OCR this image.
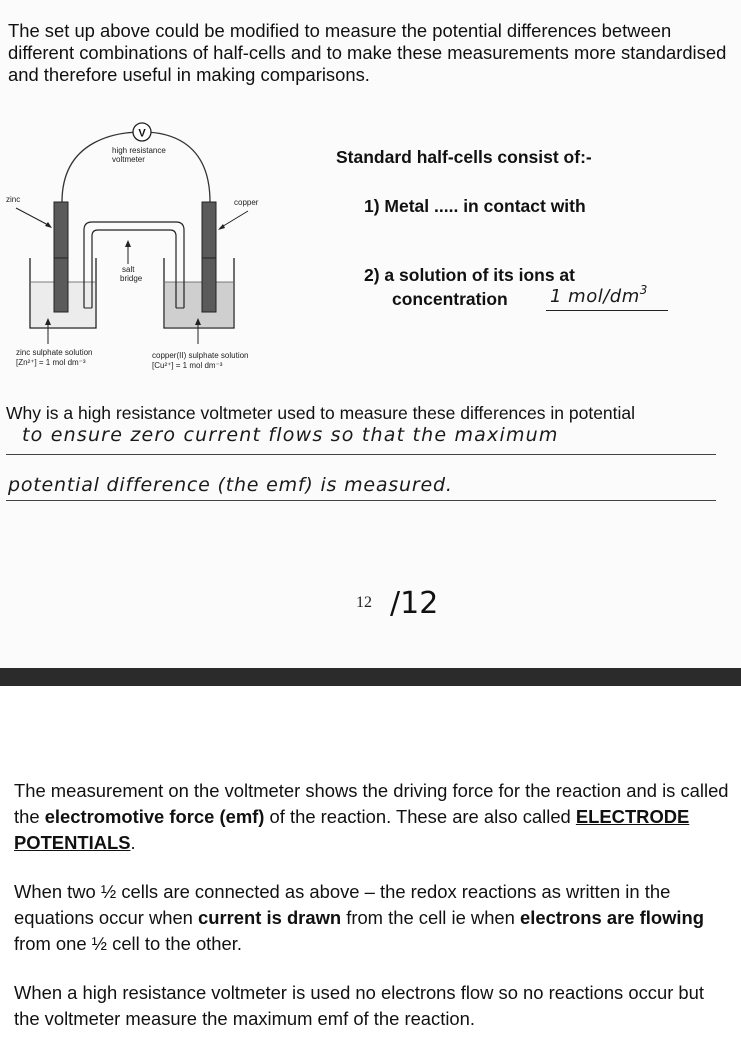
The set up above could be modified to measure the potential differences between different combinations of half-cells and to make these measurements more standardised and therefore useful in making comparisons.
V
high resistance
voltmeter
salt
bridge
zinc	copper
zinc sulphate solution
[Zn²⁺] = 1 mol dm⁻³
copper(II) sulphate solution
[Cu²⁺] = 1 mol dm⁻³
Standard half-cells consist of:-
1) Metal ..... in contact with
2) a solution of its ions at
concentration 1 mol/$dm^3$
Why is a high resistance voltmeter used to measure these differences in potential
to ensure zero current flows so that the maximum
potential difference (the emf) is measured.
12 /12
The measurement on the voltmeter shows the driving force for the reaction and is called the electromotive force (emf) of the reaction. These are also called ELECTRODE POTENTIALS.
When two ½ cells are connected as above – the redox reactions as written in the equations occur when current is drawn from the cell ie when electrons are flowing from one ½ cell to the other.
When a high resistance voltmeter is used no electrons flow so no reactions occur but the voltmeter measure the maximum emf of the reaction.
